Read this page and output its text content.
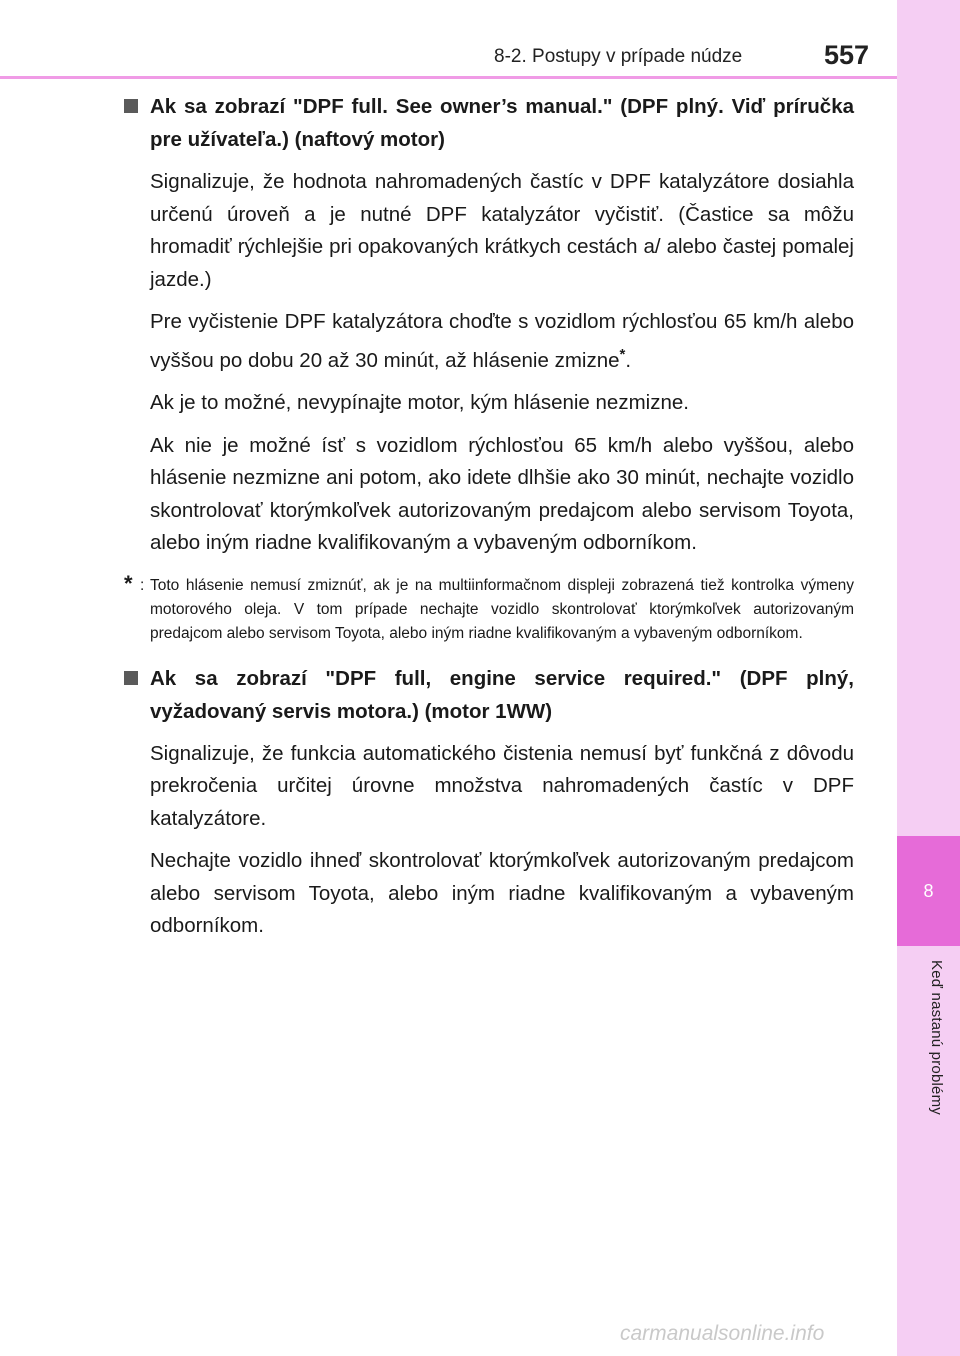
8
Keď nastanú problémy
8-2. Postupy v prípade núdze	557
Ak sa zobrazí "DPF full. See owner’s manual." (DPF plný. Viď príručka pre užívateľa.) (naftový motor)
Signalizuje, že hodnota nahromadených častíc v DPF katalyzátore dosiahla určenú úroveň a je nutné DPF katalyzátor vyčistiť. (Častice sa môžu hromadiť rýchlejšie pri opakovaných krátkych cestách a/ alebo častej pomalej jazde.)
Pre vyčistenie DPF katalyzátora choďte s vozidlom rýchlosťou 65 km/h alebo vyššou po dobu 20 až 30 minút, až hlásenie zmizne*.
Ak je to možné, nevypínajte motor, kým hlásenie nezmizne.
Ak nie je možné ísť s vozidlom rýchlosťou 65 km/h alebo vyššou, alebo hlásenie nezmizne ani potom, ako idete dlhšie ako 30 minút, nechajte vozidlo skontrolovať ktorýmkoľvek autorizovaným predajcom alebo servisom Toyota, alebo iným riadne kvalifikovaným a vybaveným odborníkom.
* : Toto hlásenie nemusí zmiznúť, ak je na multiinformačnom displeji zobrazená tiež kontrolka výmeny motorového oleja. V tom prípade nechajte vozidlo skontrolovať ktorýmkoľvek autorizovaným predajcom alebo servisom Toyota, alebo iným riadne kvalifikovaným a vybaveným odborníkom.
Ak sa zobrazí "DPF full, engine service required." (DPF plný, vyžadovaný servis motora.) (motor 1WW)
Signalizuje, že funkcia automatického čistenia nemusí byť funkčná z dôvodu prekročenia určitej úrovne množstva nahromadených častíc v DPF katalyzátore.
Nechajte vozidlo ihneď skontrolovať ktorýmkoľvek autorizovaným predajcom alebo servisom Toyota, alebo iným riadne kvalifikovaným a vybaveným odborníkom.
carmanualsonline.info
